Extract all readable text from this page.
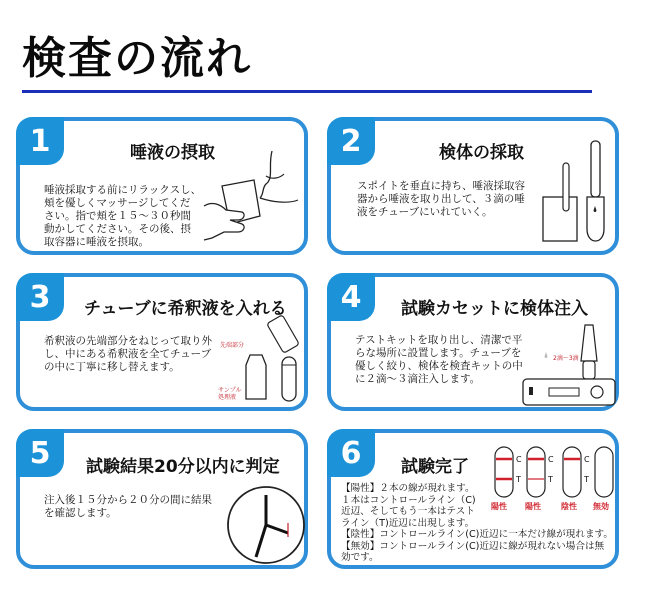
検査の流れ
1	唾液の摂取
唾液採取する前にリラックスし、
頬を優しくマッサージしてくだ
さい。指で頬を１５～３０秒間
動かしてください。その後、摂
取容器に唾液を摂取。
2	検体の採取
スポイトを垂直に持ち、唾液採取容
器から唾液を取り出して、３滴の唾
液をチューブにいれていく。
3	チューブに希釈液を入れる
希釈液の先端部分をねじって取り外
し、中にある希釈液を全てチューブ
の中に丁寧に移し替えます。
先端部分
サンプル
処理液
4	試験カセットに検体注入
テストキットを取り出し、清潔で平
らな場所に設置します。チューブを
優しく絞り、検体を検査キットの中
に２滴～３滴注入します。
2滴～3滴
5	試験結果20分以内に判定
注入後１５分から２０分の間に結果
を確認します。
6	試験完了
【陽性】２本の線が現れます。
１本はコントロールライン（C)
近辺、そしてもう一本はテスト
ライン（T)近辺に出現します。
【陰性】コントロールライン(C)近辺に一本だけ線が現れます。
【無効】コントロールライン(C)近辺に線が現れない場合は無
効です。
C
T
C
T
C
T
陽性 陽性	陰性 無効
